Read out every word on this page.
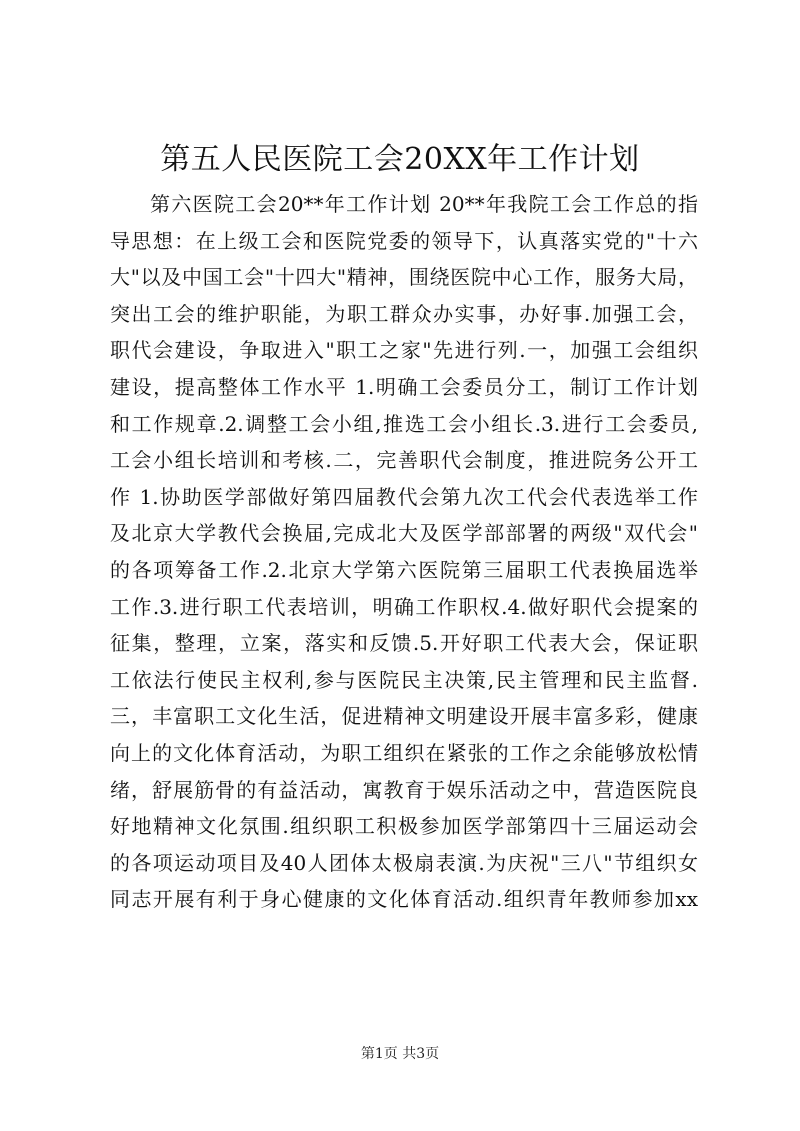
第五人民医院工会20XX年工作计划
第六医院工会20**年工作计划 20**年我院工会工作总的指
导思想：在上级工会和医院党委的领导下，认真落实党的"十六
大"以及中国工会"十四大"精神，围绕医院中心工作，服务大局，
突出工会的维护职能，为职工群众办实事，办好事.加强工会，
职代会建设，争取进入"职工之家"先进行列.一，加强工会组织
建设，提高整体工作水平 1.明确工会委员分工，制订工作计划
和工作规章.2.调整工会小组,推选工会小组长.3.进行工会委员,
工会小组长培训和考核.二，完善职代会制度，推进院务公开工
作 1.协助医学部做好第四届教代会第九次工代会代表选举工作
及北京大学教代会换届,完成北大及医学部部署的两级"双代会"
的各项筹备工作.2.北京大学第六医院第三届职工代表换届选举
工作.3.进行职工代表培训，明确工作职权.4.做好职代会提案的
征集，整理，立案，落实和反馈.5.开好职工代表大会，保证职
工依法行使民主权利,参与医院民主决策,民主管理和民主监督.
三，丰富职工文化生活，促进精神文明建设开展丰富多彩，健康
向上的文化体育活动，为职工组织在紧张的工作之余能够放松情
绪，舒展筋骨的有益活动，寓教育于娱乐活动之中，营造医院良
好地精神文化氛围.组织职工积极参加医学部第四十三届运动会
的各项运动项目及40人团体太极扇表演.为庆祝"三八"节组织女
同志开展有利于身心健康的文化体育活动.组织青年教师参加xx
第1页 共3页
